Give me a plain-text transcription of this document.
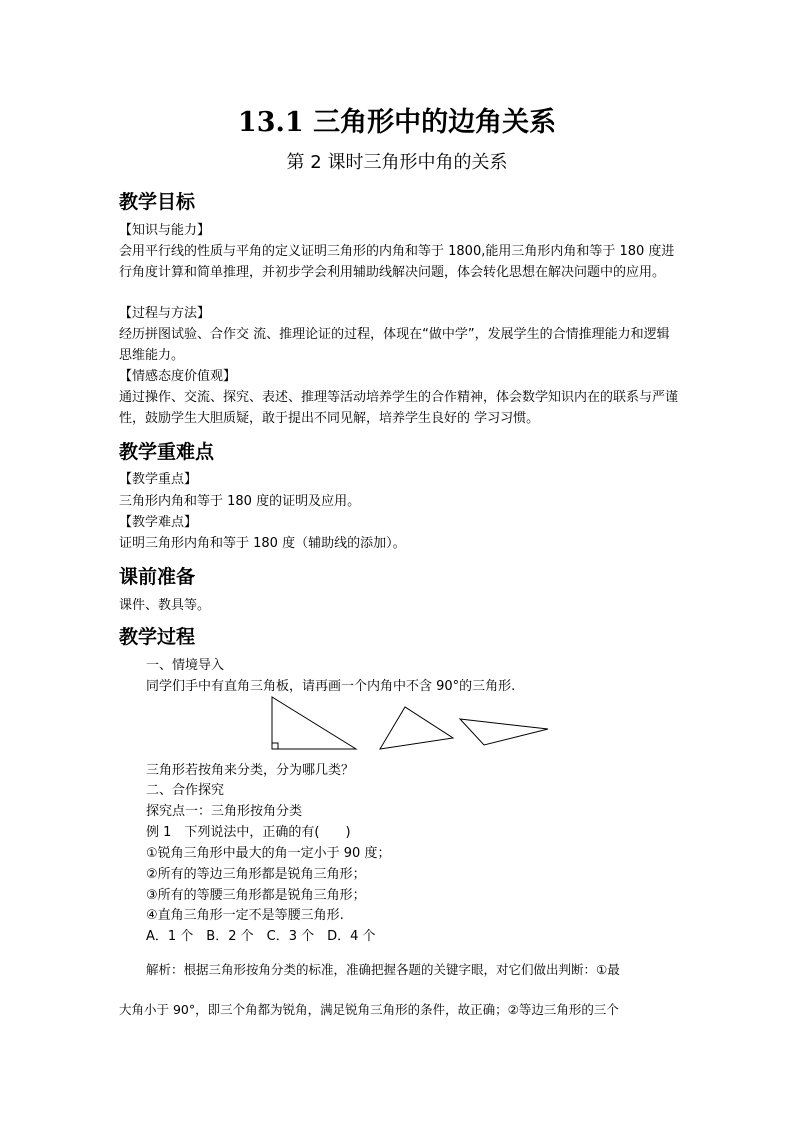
13.1 三角形中的边角关系
第 2 课时三角形中角的关系
教学目标
【知识与能力】

会用平行线的性质与平角的定义证明三角形的内角和等于 1800,能用三角形内角和等于 180 度进行角度计算和简单推理，并初步学会利用辅助线解决问题，体会转化思想在解决问题中的应用。

【过程与方法】

经历拼图试验、合作交 流、推理论证的过程，体现在“做中学”，发展学生的合情推理能力和逻辑思维能力。

【情感态度价值观】

通过操作、交流、探究、表述、推理等活动培养学生的合作精神，体会数学知识内在的联系与严谨性，鼓励学生大胆质疑，敢于提出不同见解，培养学生良好的 学习习惯。

教学重难点
【教学重点】
三角形内角和等于 180 度的证明及应用。
【教学难点】
证明三角形内角和等于 180 度（辅助线的添加）。
课前准备
课件、教具等。
教学过程
一、情境导入
同学们手中有直角三角板，请再画一个内角中不含 90°的三角形.
三角形若按角来分类，分为哪几类？
二、合作探究
探究点一：三角形按角分类
例 1　下列说法中，正确的有(　　)
①锐角三角形中最大的角一定小于 90 度；
②所有的等边三角形都是锐角三角形；
③所有的等腰三角形都是锐角三角形；
④直角三角形一定不是等腰三角形.
A．1 个　B．2 个　C．3 个　D．4 个
解析：根据三角形按角分类的标准，准确把握各题的关键字眼，对它们做出判断：①最
大角小于 90°，即三个角都为锐角，满足锐角三角形的条件，故正确；②等边三角形的三个
